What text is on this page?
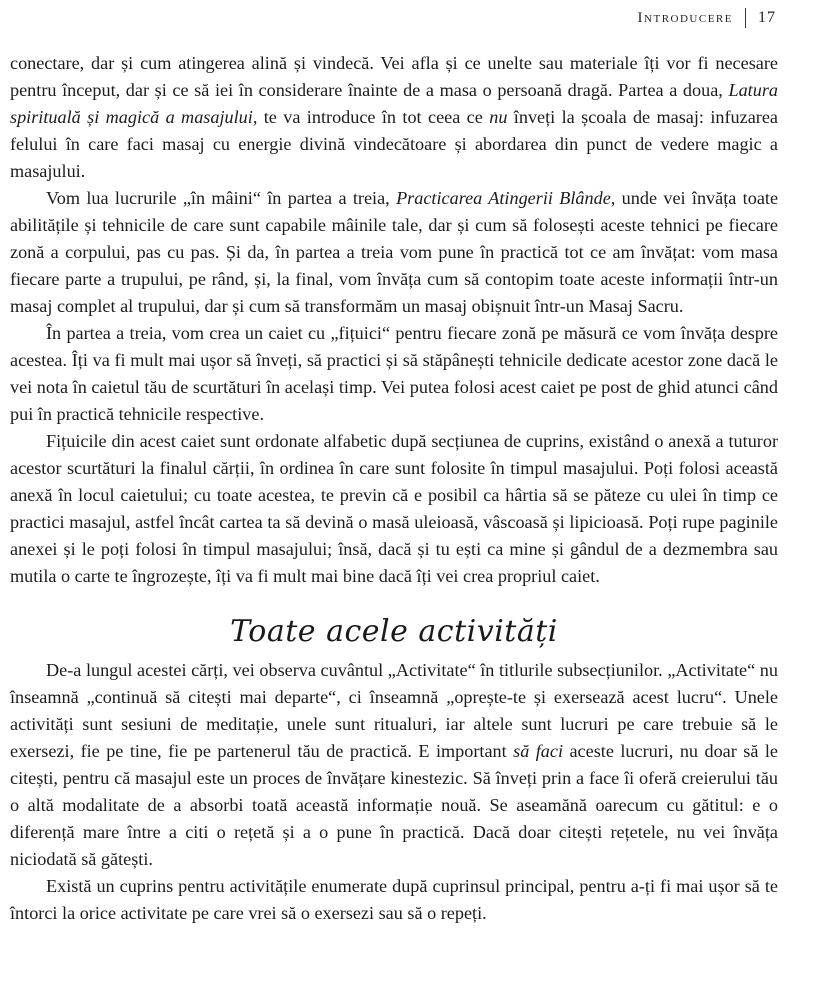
Introducere 17

conectare, dar și cum atingerea alină și vindecă. Vei afla și ce unelte sau materiale îți vor fi necesare pentru început, dar și ce să iei în considerare înainte de a masa o persoană dragă. Partea a doua, Latura spirituală și magică a masajului, te va introduce în tot ceea ce nu înveți la școala de masaj: infuzarea felului în care faci masaj cu energie divină vindecătoare și abordarea din punct de vedere magic a masajului.

Vom lua lucrurile „în mâini“ în partea a treia, Practicarea Atingerii Blânde, unde vei învăța toate abilitățile și tehnicile de care sunt capabile mâinile tale, dar și cum să folosești aceste tehnici pe fiecare zonă a corpului, pas cu pas. Și da, în partea a treia vom pune în practică tot ce am învățat: vom masa fiecare parte a trupului, pe rând, și, la final, vom învăța cum să contopim toate aceste informații într-un masaj complet al trupului, dar și cum să transformăm un masaj obișnuit într-un Masaj Sacru.

În partea a treia, vom crea un caiet cu „fițuici“ pentru fiecare zonă pe măsură ce vom învăța despre acestea. Îți va fi mult mai ușor să înveți, să practici și să stăpânești tehnicile dedicate acestor zone dacă le vei nota în caietul tău de scurtături în același timp. Vei putea folosi acest caiet pe post de ghid atunci când pui în practică tehnicile respective.

Fițuicile din acest caiet sunt ordonate alfabetic după secțiunea de cuprins, existând o anexă a tuturor acestor scurtături la finalul cărții, în ordinea în care sunt folosite în timpul masajului. Poți folosi această anexă în locul caietului; cu toate acestea, te previn că e posibil ca hârtia să se păteze cu ulei în timp ce practici masajul, astfel încât cartea ta să devină o masă uleioasă, vâscoasă și lipicioasă. Poți rupe paginile anexei și le poți folosi în timpul masajului; însă, dacă și tu ești ca mine și gândul de a dezmembra sau mutila o carte te îngrozește, îți va fi mult mai bine dacă îți vei crea propriul caiet.

Toate acele activități

De-a lungul acestei cărți, vei observa cuvântul „Activitate“ în titlurile subsecțiunilor. „Activitate“ nu înseamnă „continuă să citești mai departe“, ci înseamnă „oprește-te și exersează acest lucru“. Unele activități sunt sesiuni de meditație, unele sunt ritualuri, iar altele sunt lucruri pe care trebuie să le exersezi, fie pe tine, fie pe partenerul tău de practică. E important să faci aceste lucruri, nu doar să le citești, pentru că masajul este un proces de învățare kinestezic. Să înveți prin a face îi oferă creierului tău o altă modalitate de a absorbi toată această informație nouă. Se aseamănă oarecum cu gătitul: e o diferență mare între a citi o rețetă și a o pune în practică. Dacă doar citești rețetele, nu vei învăța niciodată să gătești.

Există un cuprins pentru activitățile enumerate după cuprinsul principal, pentru a-ți fi mai ușor să te întorci la orice activitate pe care vrei să o exersezi sau să o repeți.
